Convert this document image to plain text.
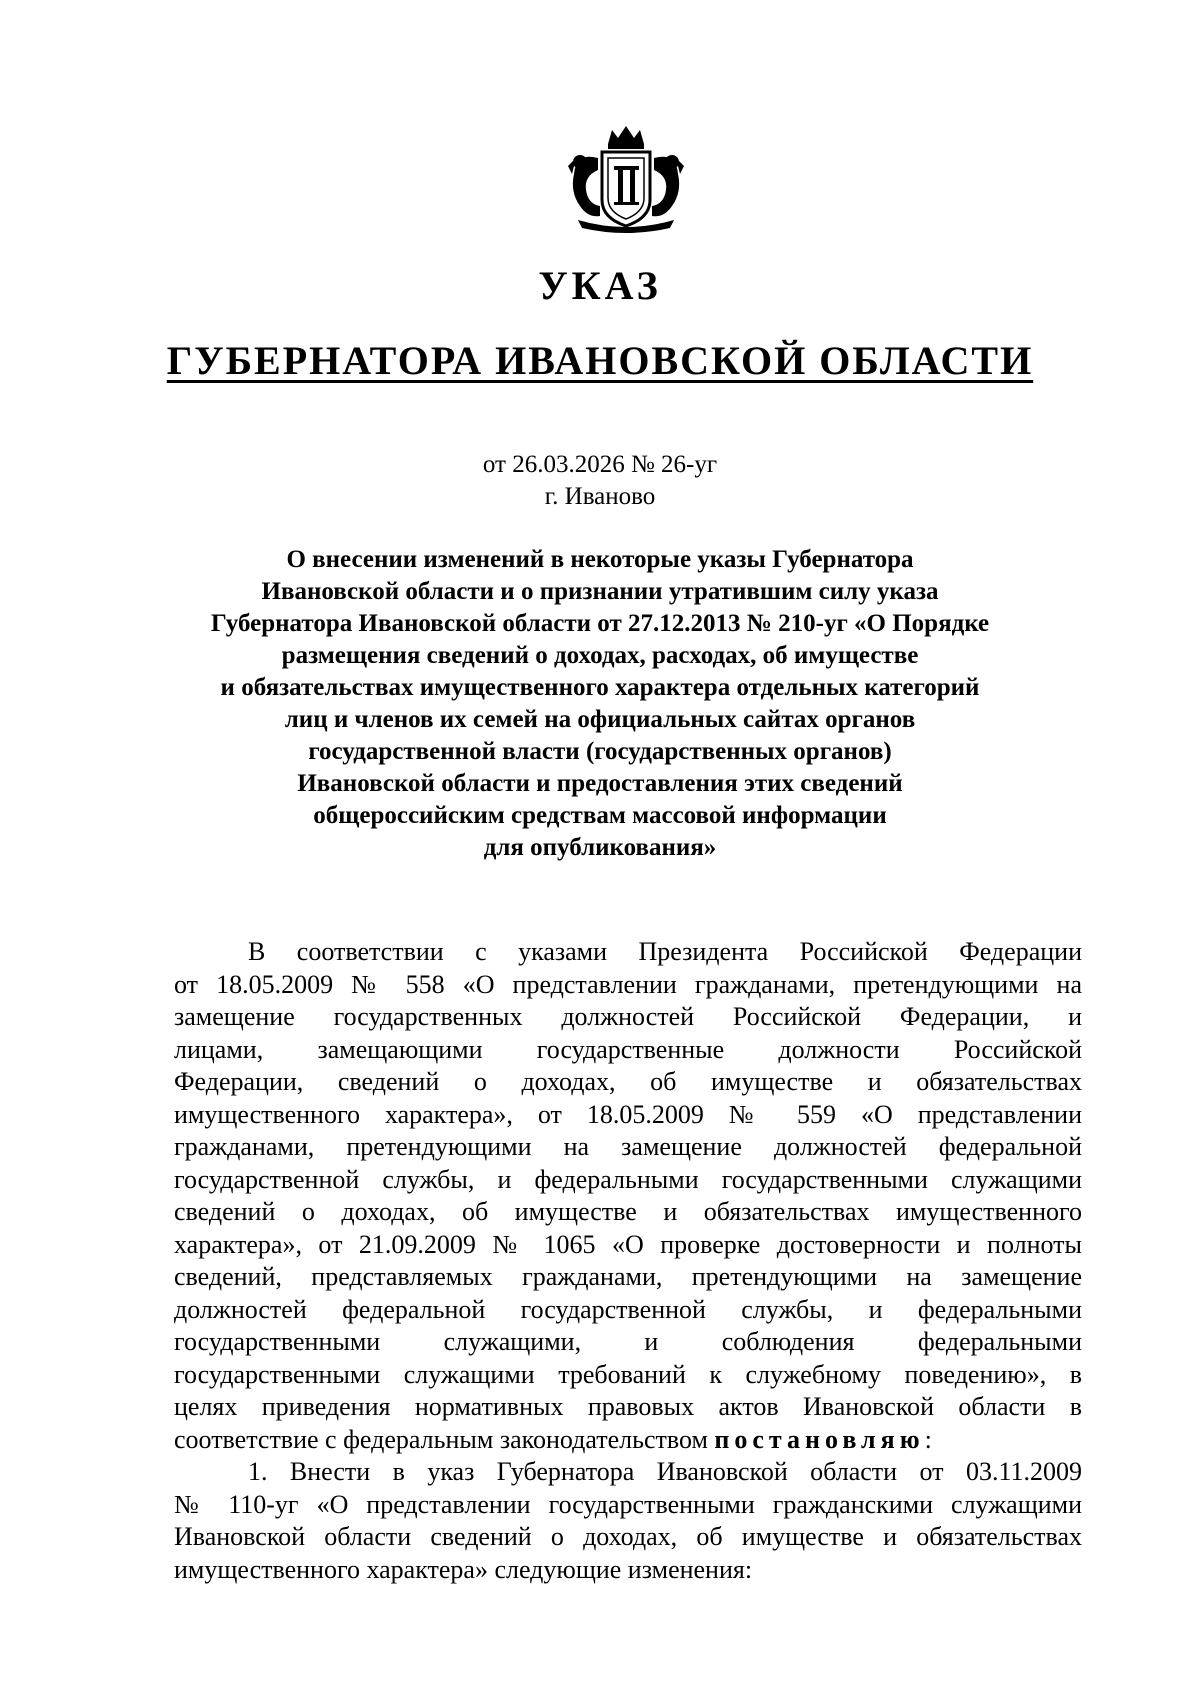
УКАЗ
ГУБЕРНАТОРА ИВАНОВСКОЙ ОБЛАСТИ
от 26.03.2026 № 26-уг
г. Иваново
О внесении изменений в некоторые указы Губернатора
Ивановской области и о признании утратившим силу указа
Губернатора Ивановской области от 27.12.2013 № 210-уг «О Порядке
размещения сведений о доходах, расходах, об имуществе
и обязательствах имущественного характера отдельных категорий
лиц и членов их семей на официальных сайтах органов
государственной власти (государственных органов)
Ивановской области и предоставления этих сведений
общероссийским средствам массовой информации
для опубликования»
В соответствии с указами Президента Российской Федерации
от 18.05.2009 № 558 «О представлении гражданами, претендующими на
замещение государственных должностей Российской Федерации, и
лицами, замещающими государственные должности Российской
Федерации, сведений о доходах, об имуществе и обязательствах
имущественного характера», от 18.05.2009 № 559 «О представлении
гражданами, претендующими на замещение должностей федеральной
государственной службы, и федеральными государственными служащими
сведений о доходах, об имуществе и обязательствах имущественного
характера», от 21.09.2009 № 1065 «О проверке достоверности и полноты
сведений, представляемых гражданами, претендующими на замещение
должностей федеральной государственной службы, и федеральными
государственными служащими, и соблюдения федеральными
государственными служащими требований к служебному поведению», в
целях приведения нормативных правовых актов Ивановской области в
соответствие с федеральным законодательством постановляю:
1. Внести в указ Губернатора Ивановской области от 03.11.2009
№ 110-уг «О представлении государственными гражданскими служащими
Ивановской области сведений о доходах, об имуществе и обязательствах
имущественного характера» следующие изменения:
